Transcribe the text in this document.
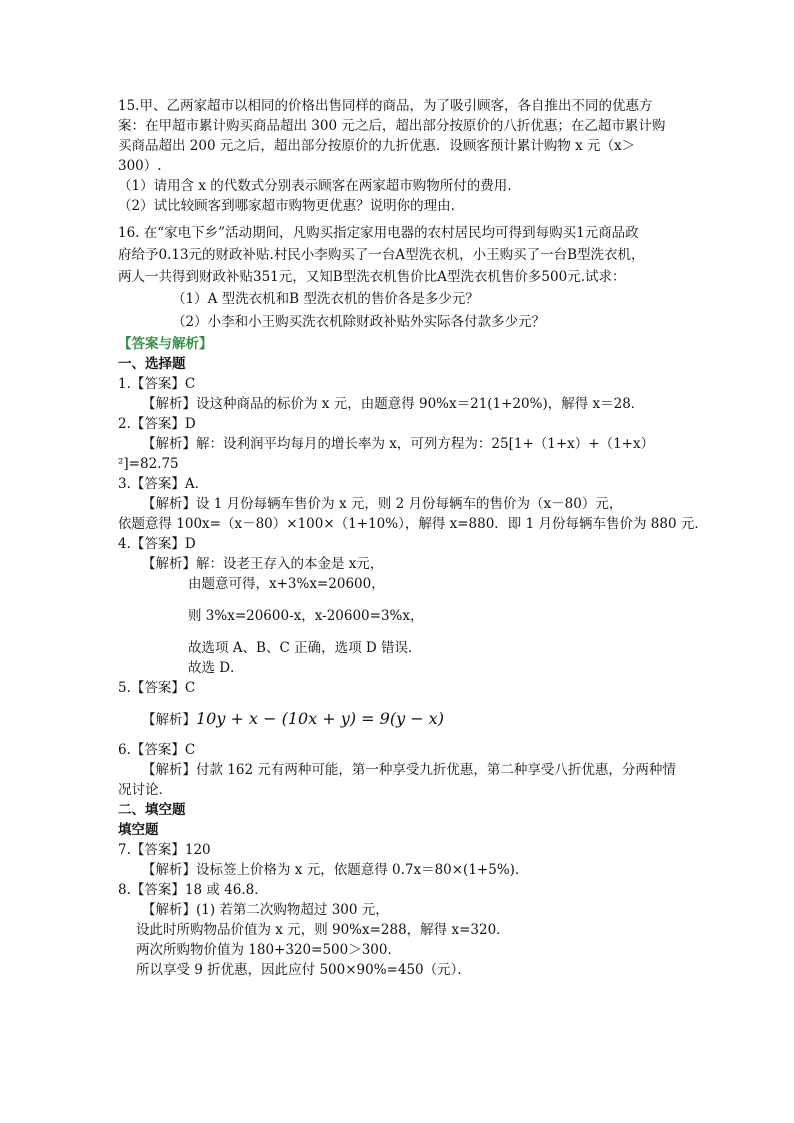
15.甲、乙两家超市以相同的价格出售同样的商品，为了吸引顾客，各自推出不同的优惠方
案：在甲超市累计购买商品超出 300 元之后，超出部分按原价的八折优惠；在乙超市累计购
买商品超出 200 元之后，超出部分按原价的九折优惠．设顾客预计累计购物 x 元（x＞
300）.
（1）请用含 x 的代数式分别表示顾客在两家超市购物所付的费用.
（2）试比较顾客到哪家超市购物更优惠？说明你的理由.
16. 在“家电下乡”活动期间，凡购买指定家用电器的农村居民均可得到每购买1元商品政
府给予0.13元的财政补贴.村民小李购买了一台A型洗衣机，小王购买了一台B型洗衣机，
两人一共得到财政补贴351元，又知B型洗衣机售价比A型洗衣机售价多500元.试求：
（1）A 型洗衣机和B 型洗衣机的售价各是多少元？
（2）小李和小王购买洗衣机除财政补贴外实际各付款多少元？
【答案与解析】
一、选择题
1.【答案】C
【解析】设这种商品的标价为 x 元，由题意得 90%x＝21(1+20%)，解得 x＝28．
2.【答案】D
【解析】解：设利润平均每月的增长率为 x，可列方程为：25[1+（1+x）+（1+x）
²]=82.75
3.【答案】A.
【解析】设 1 月份每辆车售价为 x 元，则 2 月份每辆车的售价为（x－80）元，
依题意得 100x=（x－80）×100×（1+10%），解得 x=880．即 1 月份每辆车售价为 880 元．
4.【答案】D
【解析】解：设老王存入的本金是 x元，
由题意可得，x+3%x=20600，
则 3%x=20600-x，x-20600=3%x，
故选项 A、B、C 正确，选项 D 错误．
故选 D．
5.【答案】C
【解析】10y + x − (10x + y) = 9(y − x)
6.【答案】C
【解析】付款 162 元有两种可能，第一种享受九折优惠，第二种享受八折优惠，分两种情
况讨论．
二、填空题
填空题
7.【答案】120
【解析】设标签上价格为 x 元，依题意得 0.7x＝80×(1+5%)．
8.【答案】18 或 46.8．
【解析】(1) 若第二次购物超过 300 元，
设此时所购物品价值为 x 元，则 90%x=288，解得 x=320．
两次所购物价值为 180+320=500＞300．
所以享受 9 折优惠，因此应付 500×90%=450（元）．
